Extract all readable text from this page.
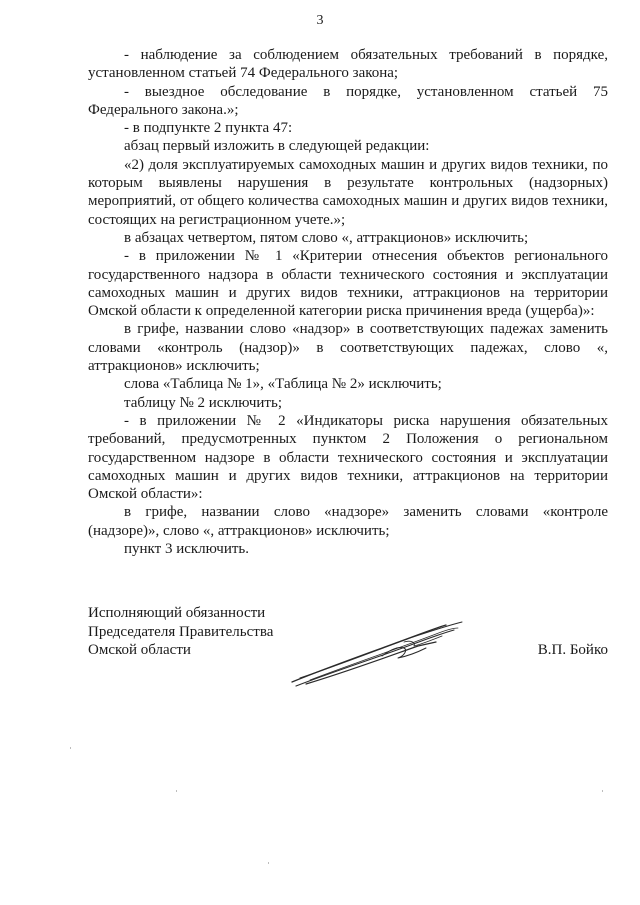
3

- наблюдение за соблюдением обязательных требований в порядке, установленном статьей 74 Федерального закона;

- выездное обследование в порядке, установленном статьей 75 Федерального закона.»;

- в подпункте 2 пункта 47:

абзац первый изложить в следующей редакции:

«2) доля эксплуатируемых самоходных машин и других видов техники, по которым выявлены нарушения в результате контрольных (надзорных) мероприятий, от общего количества самоходных машин и других видов техники, состоящих на регистрационном учете.»;

в абзацах четвертом, пятом слово «, аттракционов» исключить;

- в приложении № 1 «Критерии отнесения объектов регионального государственного надзора в области технического состояния и эксплуатации самоходных машин и других видов техники, аттракционов на территории Омской области к определенной категории риска причинения вреда (ущерба)»:

в грифе, названии слово «надзор» в соответствующих падежах заменить словами «контроль (надзор)» в соответствующих падежах, слово «, аттракционов» исключить;

слова «Таблица № 1», «Таблица № 2» исключить;

таблицу № 2 исключить;

- в приложении № 2 «Индикаторы риска нарушения обязательных требований, предусмотренных пунктом 2 Положения о региональном государственном надзоре в области технического состояния и эксплуатации самоходных машин и других видов техники, аттракционов на территории Омской области»:

в грифе, названии слово «надзоре» заменить словами «контроле (надзоре)», слово «, аттракционов» исключить;

пункт 3 исключить.

Исполняющий обязанности
Председателя Правительства
Омской области	В.П. Бойко
